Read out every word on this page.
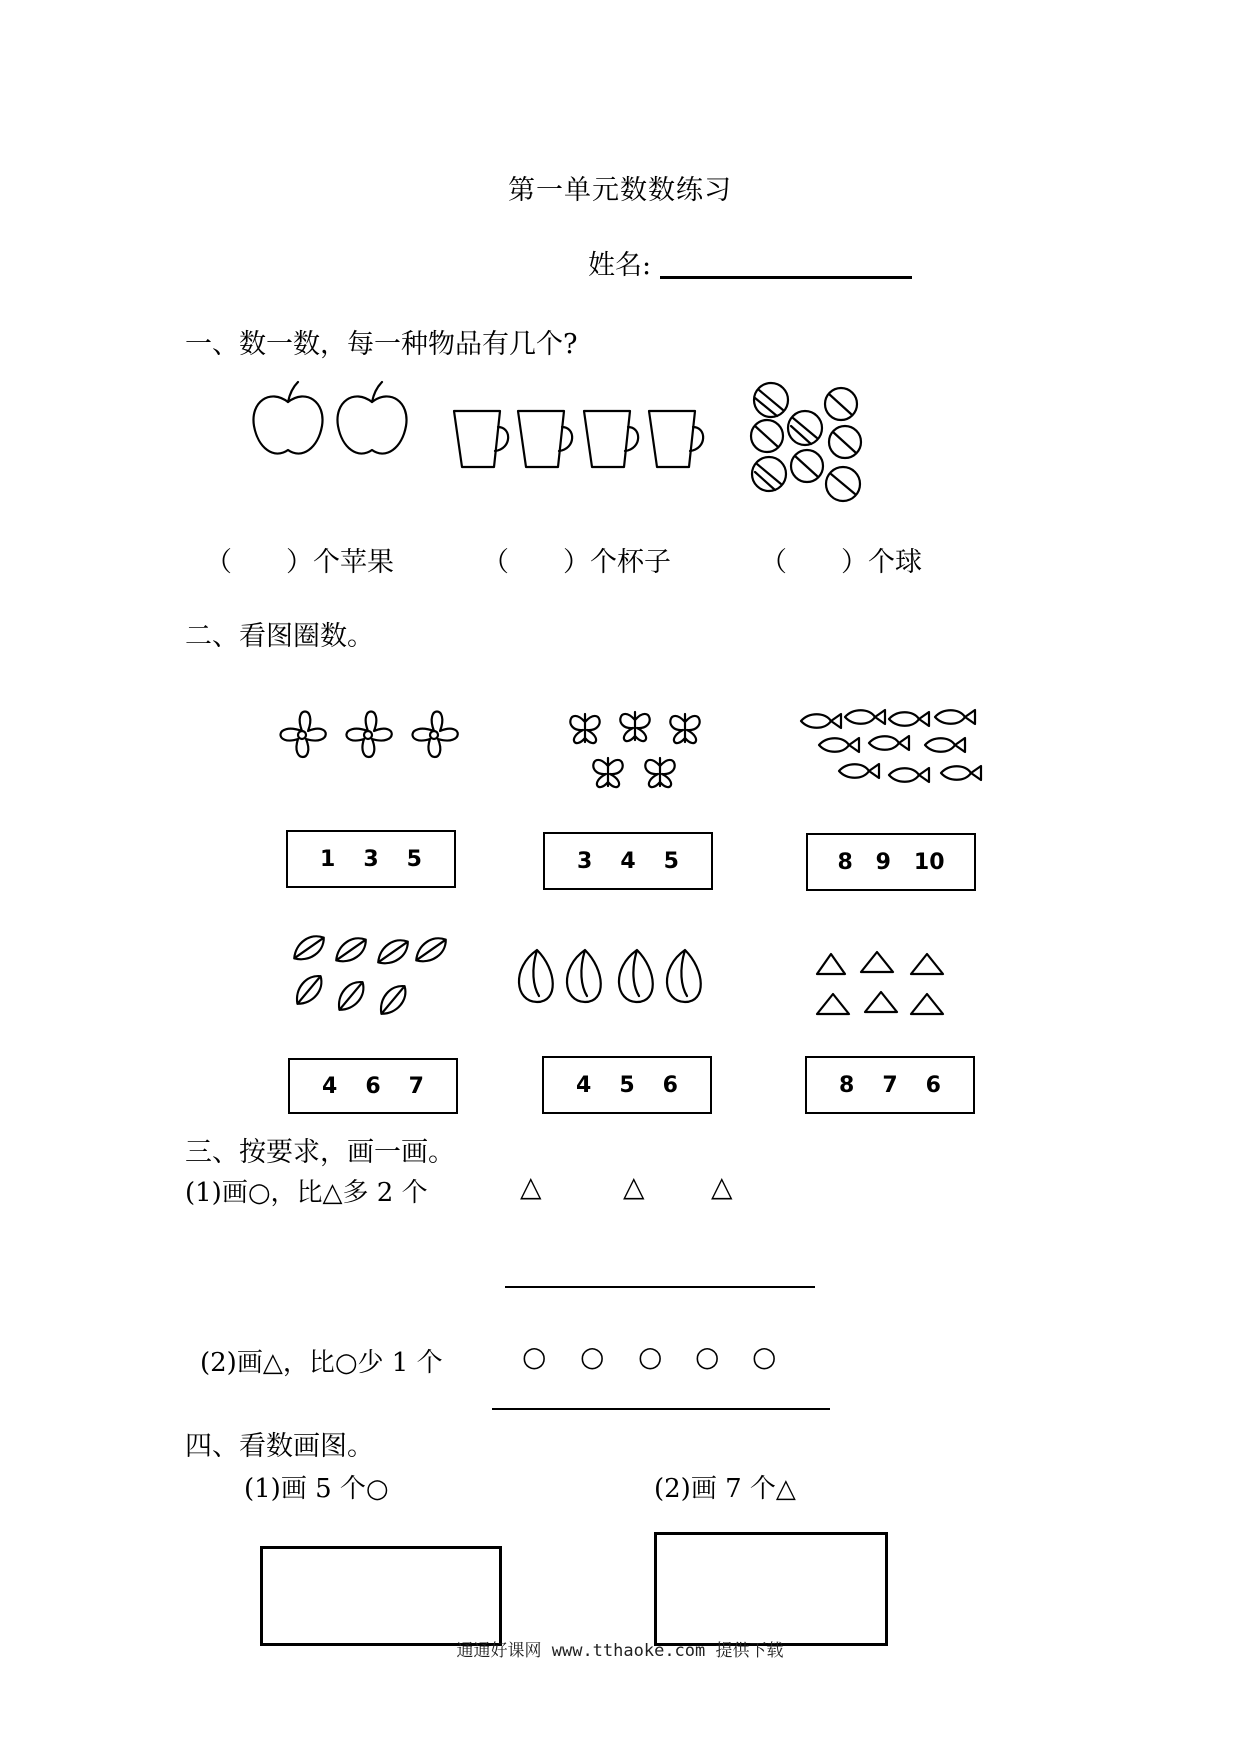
第一单元数数练习
姓名:
一、数一数，每一种物品有几个?
（　　）个苹果	（　　）个杯子	（　　）个球
二、看图圈数。
1 3 5	3 4 5	8 9 10
4 6 7	4 5 6	8 7 6
三、按要求，画一画。
(1)画○，比△多 2 个	△	△ △
(2)画△，比○少 1 个	○ ○ ○ ○ ○
四、看数画图。
(1)画 5 个○	(2)画 7 个△
通通好课网 www.tthaoke.com 提供下载
